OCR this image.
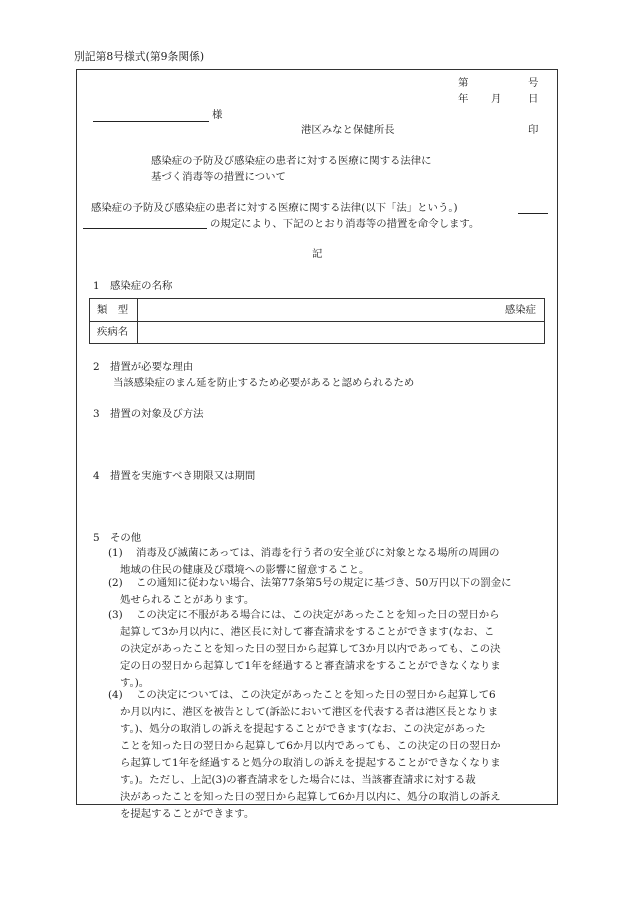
別記第8号様式(第9条関係)
第	号
年 月	日
様
港区みなと保健所長	印
感染症の予防及び感染症の患者に対する医療に関する法律に
基づく消毒等の措置について
感染症の予防及び感染症の患者に対する医療に関する法律(以下「法」という。)
の規定により、下記のとおり消毒等の措置を命令します。
記
1　感染症の名称
類　型	感染症
疾病名
2　措置が必要な理由
当該感染症のまん延を防止するため必要があると認められるため
3　措置の対象及び方法
4　措置を実施すべき期限又は期間
5　その他
(1) 消毒及び滅菌にあっては、消毒を行う者の安全並びに対象となる場所の周囲の
地域の住民の健康及び環境への影響に留意すること。
(2) この通知に従わない場合、法第77条第5号の規定に基づき、50万円以下の罰金に
処せられることがあります。
(3) この決定に不服がある場合には、この決定があったことを知った日の翌日から
起算して3か月以内に、港区長に対して審査請求をすることができます(なお、こ
の決定があったことを知った日の翌日から起算して3か月以内であっても、この決
定の日の翌日から起算して1年を経過すると審査請求をすることができなくなりま
す。)。
(4) この決定については、この決定があったことを知った日の翌日から起算して6
か月以内に、港区を被告として(訴訟において港区を代表する者は港区長となりま
す。)、処分の取消しの訴えを提起することができます(なお、この決定があった
ことを知った日の翌日から起算して6か月以内であっても、この決定の日の翌日か
ら起算して1年を経過すると処分の取消しの訴えを提起することができなくなりま
す。)。ただし、上記(3)の審査請求をした場合には、当該審査請求に対する裁
決があったことを知った日の翌日から起算して6か月以内に、処分の取消しの訴え
を提起することができます。
